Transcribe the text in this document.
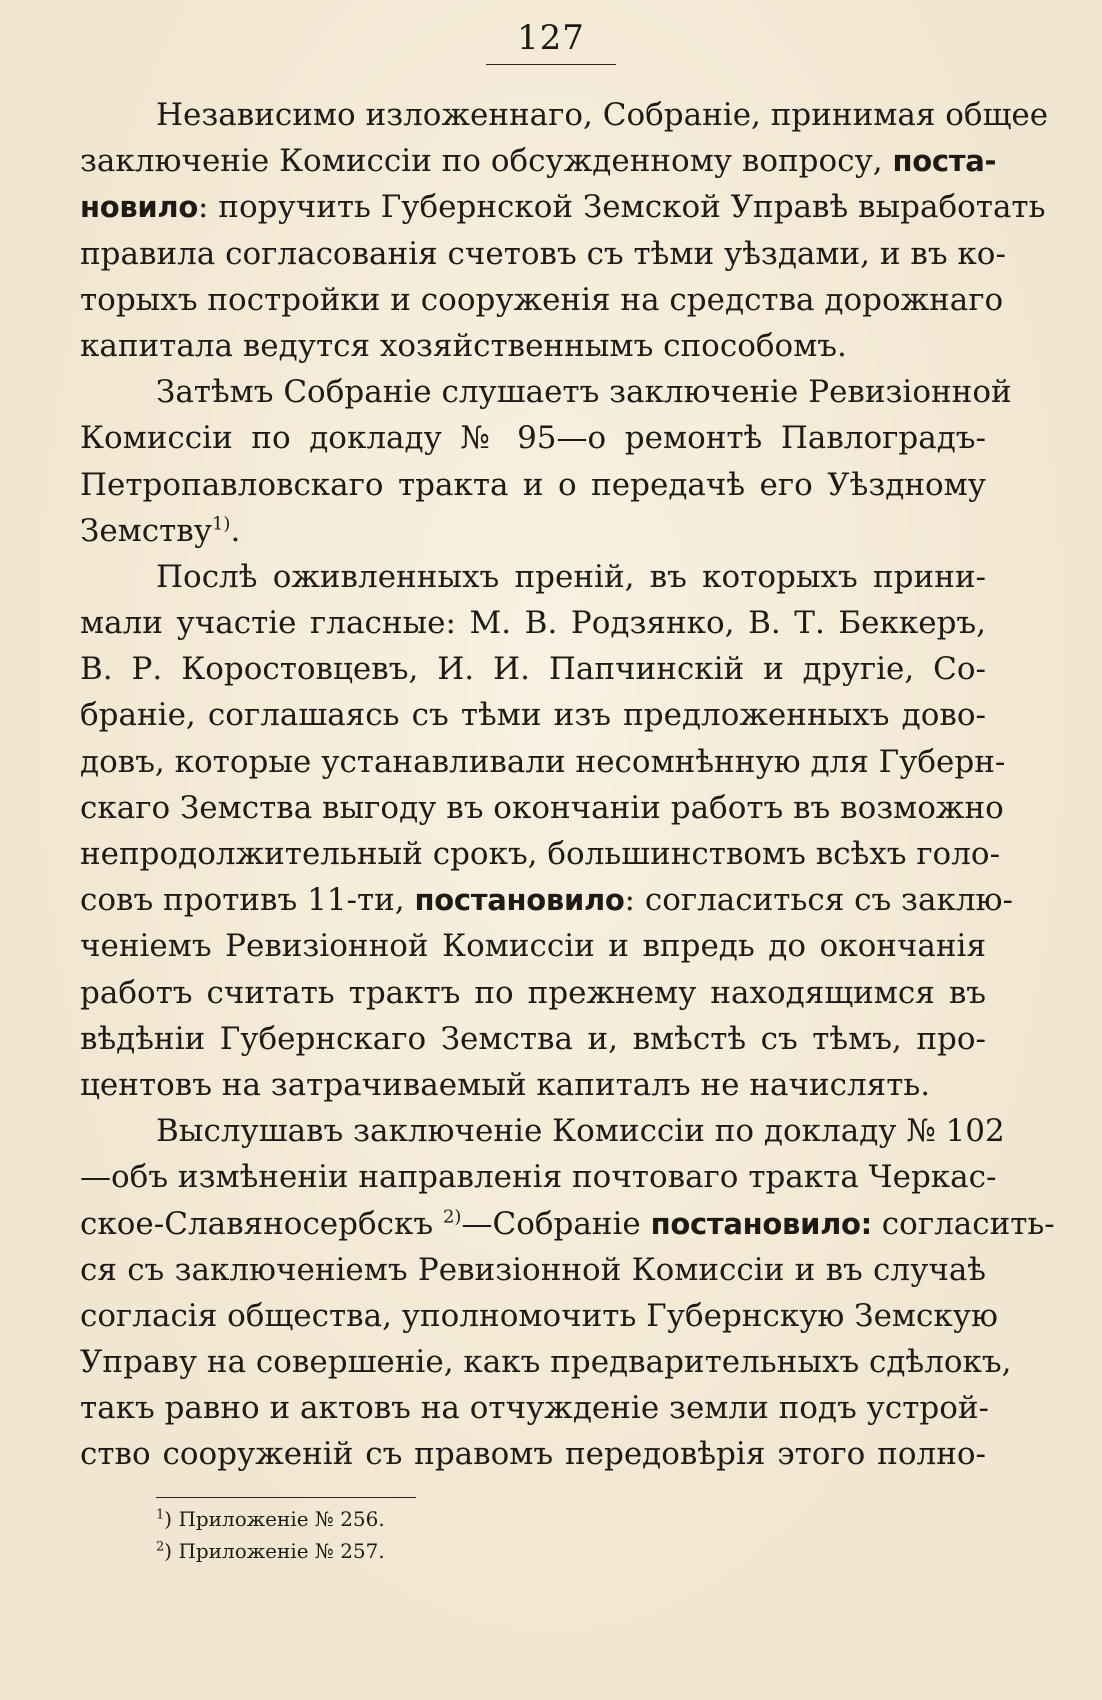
127
Независимо изложеннаго, Собраніе, принимая общее
заключеніе Комиссіи по обсужденному вопросу, поста-
новило: поручить Губернской Земской Управѣ выработать
правила согласованія счетовъ съ тѣми уѣздами, и въ ко-
торыхъ постройки и сооруженія на средства дорожнаго
капитала ведутся хозяйственнымъ способомъ.
Затѣмъ Собраніе слушаетъ заключеніе Ревизіонной
Комиссіи по докладу № 95—о ремонтѣ Павлоградъ-
Петропавловскаго тракта и о передачѣ его Уѣздному
Земству$^{1)}$.
Послѣ оживленныхъ преній, въ которыхъ прини-
мали участіе гласные: М. В. Родзянко, В. Т. Беккеръ,
В. Р. Коростовцевъ, И. И. Папчинскій и другіе, Со-
браніе, соглашаясь съ тѣми изъ предложенныхъ дово-
довъ, которые устанавливали несомнѣнную для Губерн-
скаго Земства выгоду въ окончаніи работъ въ возможно
непродолжительный срокъ, большинствомъ всѣхъ голо-
совъ противъ 11-ти, постановило: согласиться съ заклю-
ченіемъ Ревизіонной Комиссіи и впредь до окончанія
работъ считать трактъ по прежнему находящимся въ
вѣдѣніи Губернскаго Земства и, вмѣстѣ съ тѣмъ, про-
центовъ на затрачиваемый капиталъ не начислять.
Выслушавъ заключеніе Комиссіи по докладу № 102
—объ измѣненіи направленія почтоваго тракта Черкас-
ское-Славяносербскъ $^{2)}$—Собраніе постановило: согласить-
ся съ заключеніемъ Ревизіонной Комиссіи и въ случаѣ
согласія общества, уполномочить Губернскую Земскую
Управу на совершеніе, какъ предварительныхъ сдѣлокъ,
такъ равно и актовъ на отчужденіе земли подъ устрой-
ство сооруженій съ правомъ передовѣрія этого полно-
$^1$) Приложеніе № 256.
$^2$) Приложеніе № 257.
